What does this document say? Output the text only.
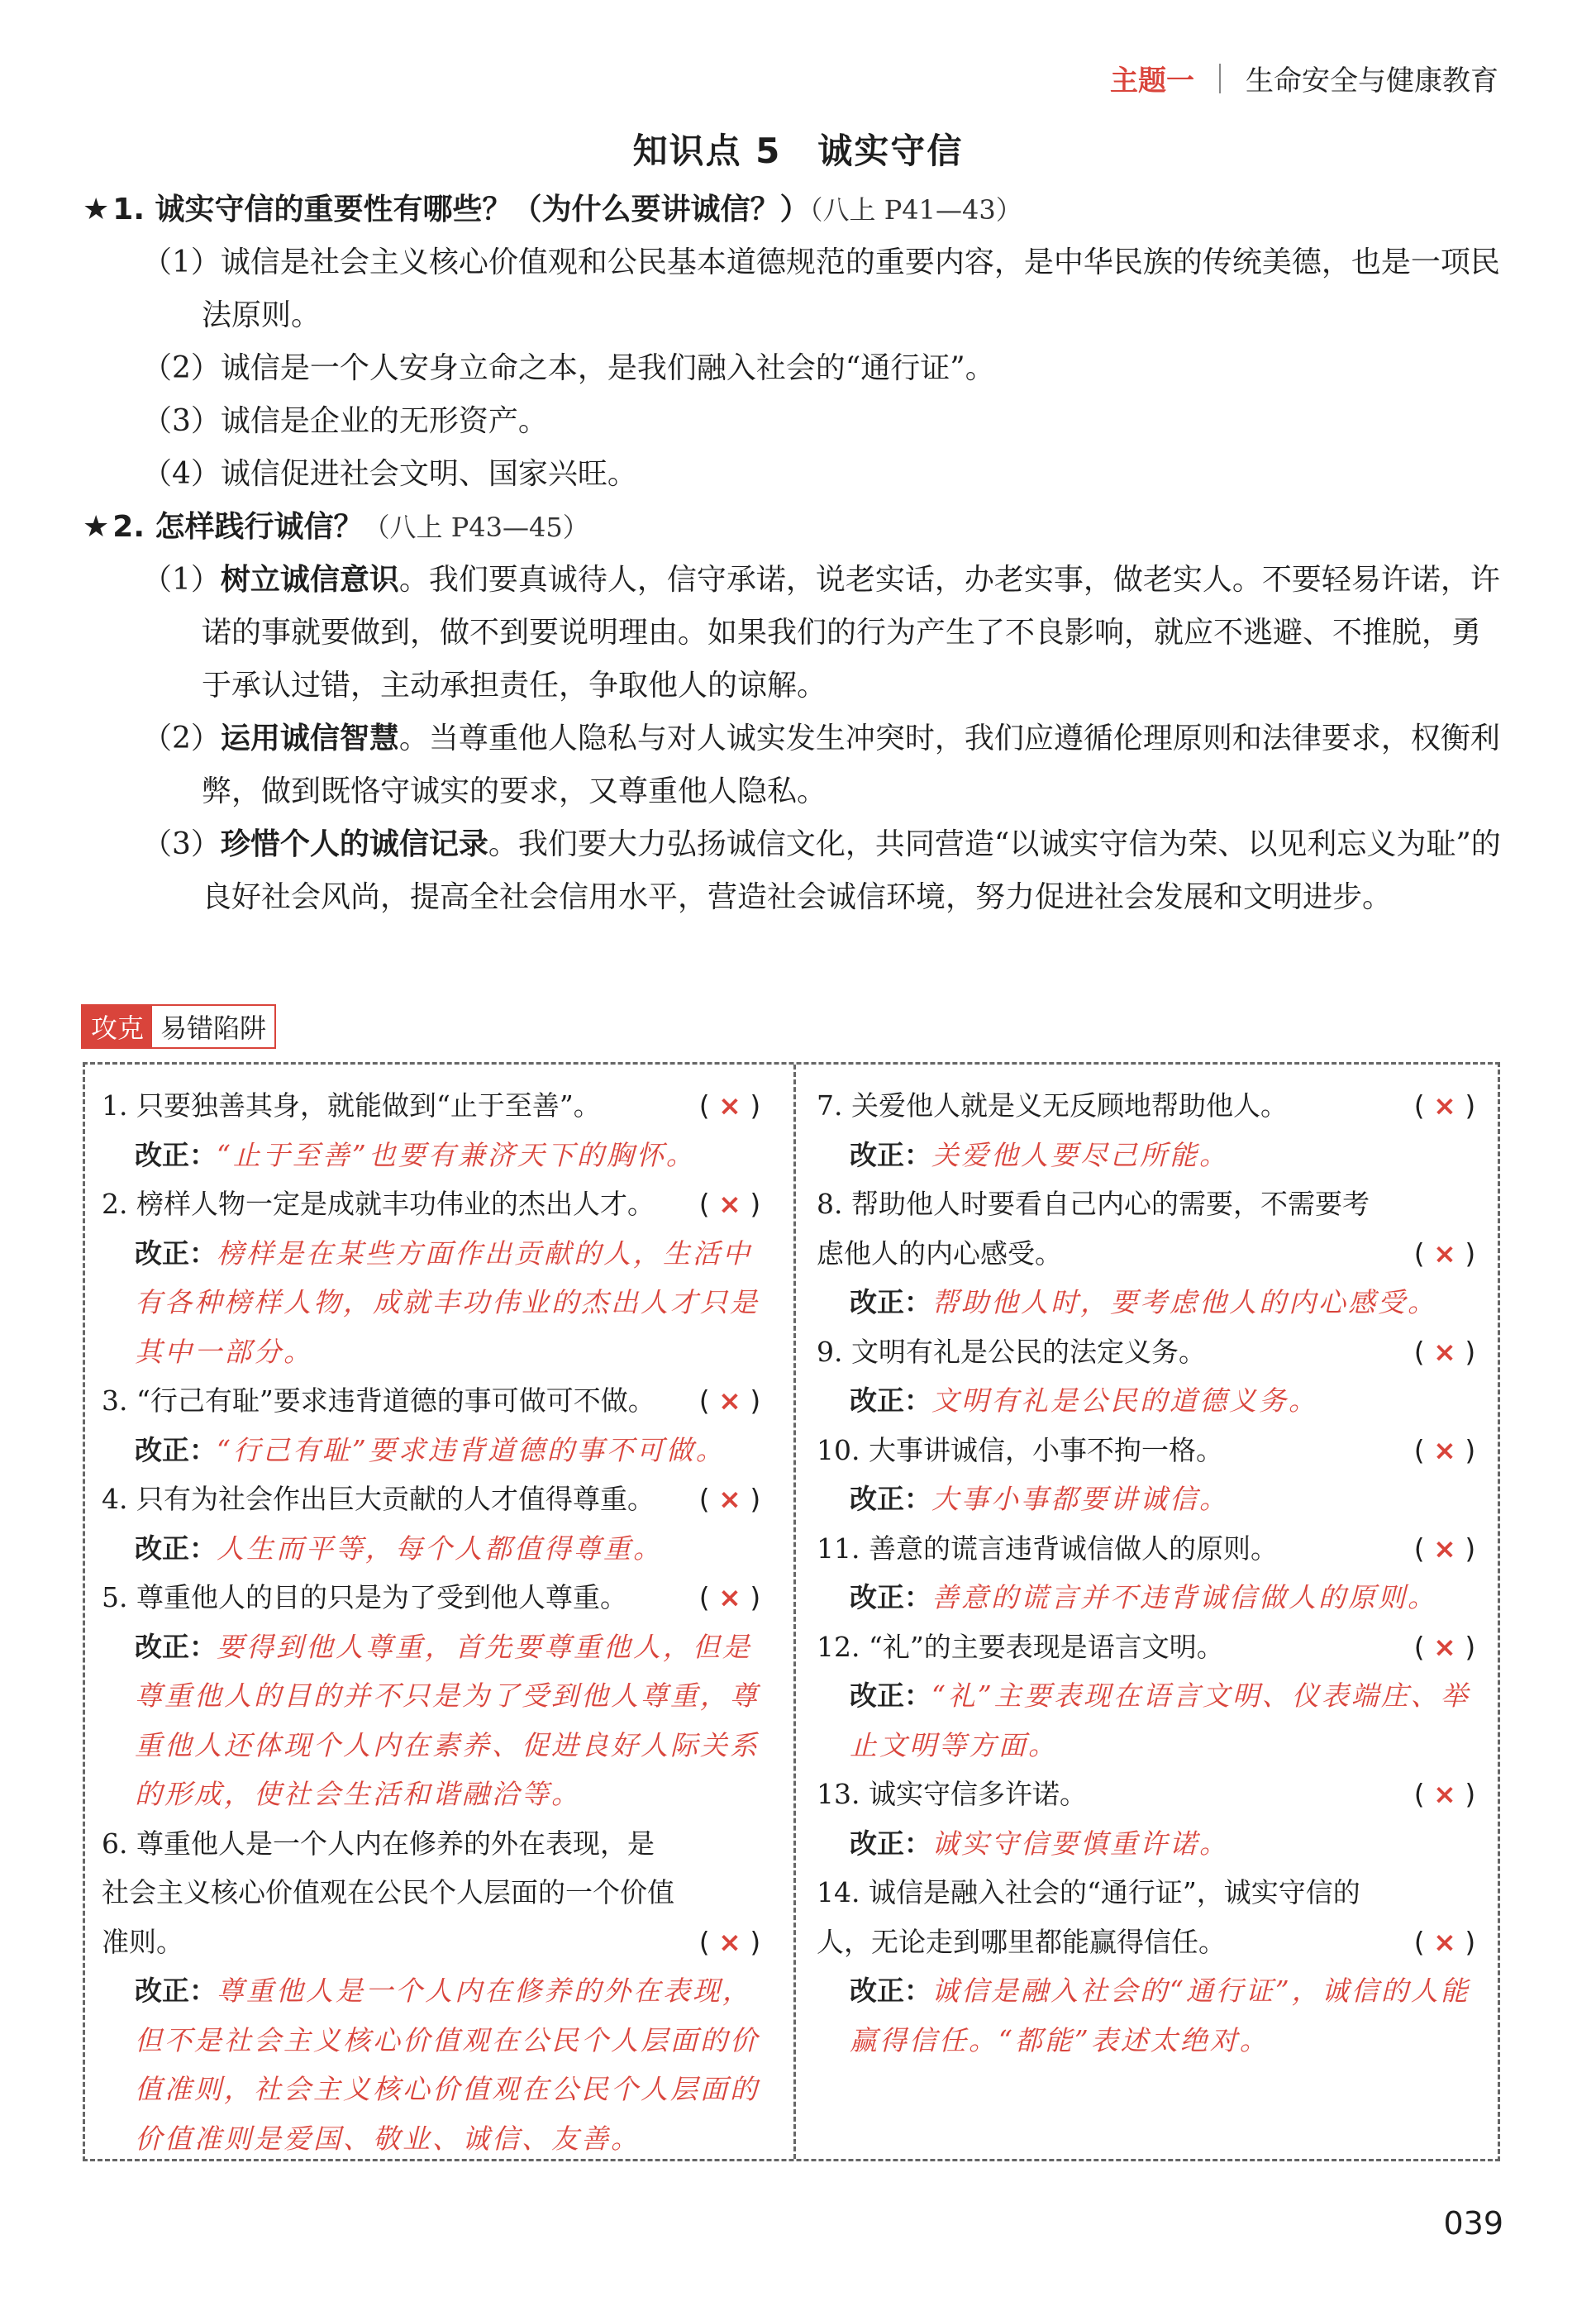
主题一 生命安全与健康教育
知识点 5　诚实守信
★ 1. 诚实守信的重要性有哪些？（为什么要讲诚信？）（八上 P41—43）
（1）诚信是社会主义核心价值观和公民基本道德规范的重要内容，是中华民族的传统美德，也是一项民法原则。
（2）诚信是一个人安身立命之本，是我们融入社会的“通行证”。
（3）诚信是企业的无形资产。
（4）诚信促进社会文明、国家兴旺。
★ 2. 怎样践行诚信？（八上 P43—45）
（1）树立诚信意识。我们要真诚待人，信守承诺，说老实话，办老实事，做老实人。不要轻易许诺，许诺的事就要做到，做不到要说明理由。如果我们的行为产生了不良影响，就应不逃避、不推脱，勇于承认过错，主动承担责任，争取他人的谅解。
（2）运用诚信智慧。当尊重他人隐私与对人诚实发生冲突时，我们应遵循伦理原则和法律要求，权衡利弊，做到既恪守诚实的要求，又尊重他人隐私。
（3）珍惜个人的诚信记录。我们要大力弘扬诚信文化，共同营造“以诚实守信为荣、以见利忘义为耻”的良好社会风尚，提高全社会信用水平，营造社会诚信环境，努力促进社会发展和文明进步。
攻克 易错陷阱
1. 只要独善其身，就能做到“止于至善”。	( × )
改正：“止于至善”也要有兼济天下的胸怀。
2. 榜样人物一定是成就丰功伟业的杰出人才。	( × )
改正：榜样是在某些方面作出贡献的人，生活中有各种榜样人物，成就丰功伟业的杰出人才只是其中一部分。
3. “行己有耻”要求违背道德的事可做可不做。	( × )
改正：“行己有耻”要求违背道德的事不可做。
4. 只有为社会作出巨大贡献的人才值得尊重。	( × )
改正：人生而平等，每个人都值得尊重。
5. 尊重他人的目的只是为了受到他人尊重。	( × )
改正：要得到他人尊重，首先要尊重他人，但是尊重他人的目的并不只是为了受到他人尊重，尊重他人还体现个人内在素养、促进良好人际关系的形成，使社会生活和谐融洽等。
6. 尊重他人是一个人内在修养的外在表现，是社会主义核心价值观在公民个人层面的一个价值准则。	( × )
改正：尊重他人是一个人内在修养的外在表现，但不是社会主义核心价值观在公民个人层面的价值准则，社会主义核心价值观在公民个人层面的价值准则是爱国、敬业、诚信、友善。
7. 关爱他人就是义无反顾地帮助他人。	( × )
改正：关爱他人要尽己所能。
8. 帮助他人时要看自己内心的需要，不需要考虑他人的内心感受。	( × )
改正：帮助他人时，要考虑他人的内心感受。
9. 文明有礼是公民的法定义务。	( × )
改正：文明有礼是公民的道德义务。
10. 大事讲诚信，小事不拘一格。	( × )
改正：大事小事都要讲诚信。
11. 善意的谎言违背诚信做人的原则。	( × )
改正：善意的谎言并不违背诚信做人的原则。
12. “礼”的主要表现是语言文明。	( × )
改正：“礼”主要表现在语言文明、仪表端庄、举止文明等方面。
13. 诚实守信多许诺。	( × )
改正：诚实守信要慎重许诺。
14. 诚信是融入社会的“通行证”，诚实守信的人，无论走到哪里都能赢得信任。	( × )
改正：诚信是融入社会的“通行证”，诚信的人能赢得信任。“都能”表述太绝对。
039
